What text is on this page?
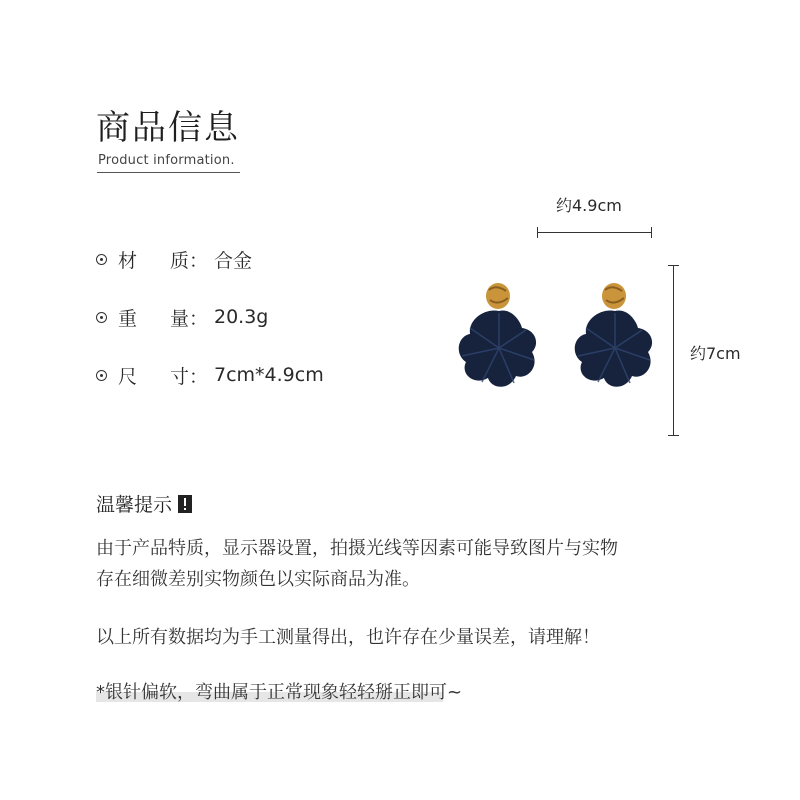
商品信息
Product information.
材	质： 合金
重	量： 20.3g
尺	寸： 7cm*4.9cm
约4.9cm
约7cm
温馨提示
由于产品特质，显示器设置，拍摄光线等因素可能导致图片与实物
存在细微差别实物颜色以实际商品为准。
以上所有数据均为手工测量得出，也许存在少量误差，请理解！
*银针偏软，弯曲属于正常现象轻轻掰正即可~
